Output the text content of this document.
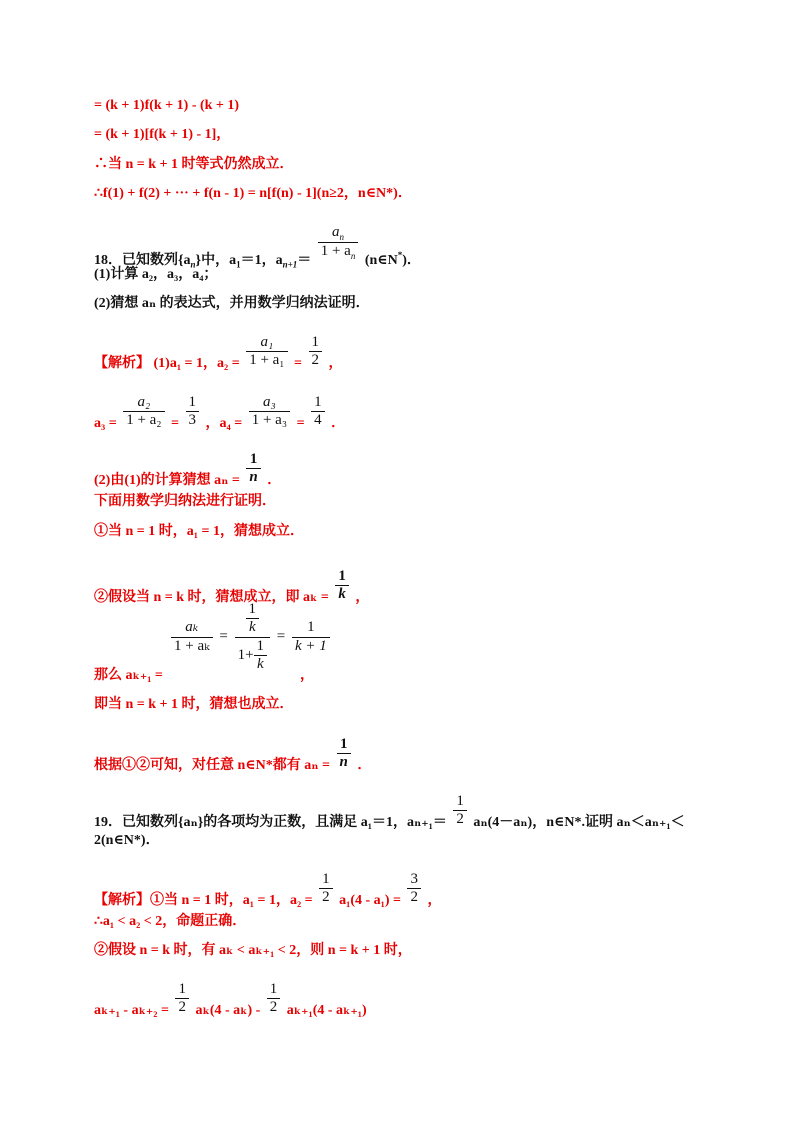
= (k + 1)f(k + 1) - (k + 1)
= (k + 1)[f(k + 1) - 1]，
∴当 n = k + 1 时等式仍然成立．
∴f(1) + f(2) + ··· + f(n - 1) = n[f(n) - 1](n≥2，n∈N*)．
18．已知数列$\{a_n\}$中，$a_1=1$，$a_{n+1}= \frac{a_n}{1 + a_n}$ (n∈N*)．
(1)计算 a₂，a₃，a₄；
(2)猜想 aₙ 的表达式，并用数学归纳法证明．
【解析】 (1)a₁ = 1，$a_2 = \frac{\text{a₁}}{\text{1 + a₁}} = \frac{1}{2}$ ，
$a_3 = \frac{\text{a₂}}{\text{1 + a₂}} = \frac{1}{3}$ ，$a_4 = \frac{\text{a₃}}{\text{1 + a₃}} = \frac{1}{4}$ ．
(2)由(1)的计算猜想 $a_n = \frac{1}{n}$ ．
下面用数学归纳法进行证明．
①当 n = 1 时，a₁ = 1，猜想成立．
②假设当 n = k 时，猜想成立，即 $a_k = \frac{1}{k}$ ，
$\frac{\text{aₖ}}{\text{1 + aₖ}} = \frac{\frac{1}{k}}{1+ \frac{1}{k}} = \frac{1}{k + 1}$
那么 aₖ₊₁ =	，
即当 n = k + 1 时，猜想也成立．
根据①②可知，对任意 n∈N*都有 $a_n = \frac{1}{n}$ ．
19．已知数列{aₙ}的各项均为正数，且满足 a₁＝1，$a_{n+1}= \frac{1}{2} a_n(4-a_n)$，n∈N*.证明 aₙ＜aₙ₊₁＜
2(n∈N*)．
【解析】①当 n = 1 时，a₁ = 1，$a_2 = \frac{1}{2} a_1(4 - a_1) = \frac{3}{2}$ ，
∴a₁ < a₂ < 2，命题正确．
②假设 n = k 时，有 aₖ < aₖ₊₁ < 2，则 n = k + 1 时，
$a_{k+1} - a_{k+2} = \frac{1}{2} a_k(4 - a_k) - \frac{1}{2} a_{k+1}(4 - a_{k+1})$
